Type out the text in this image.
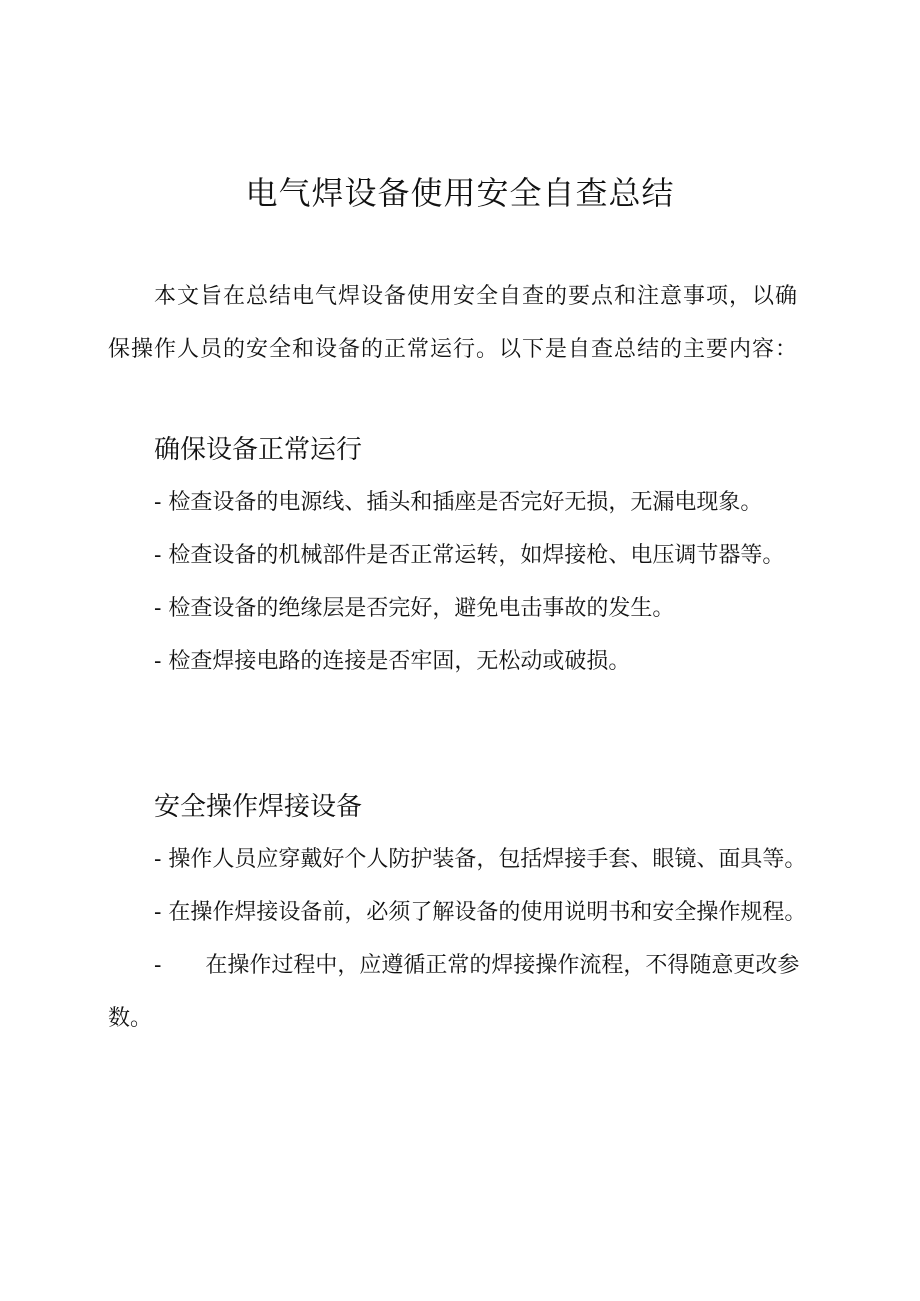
电气焊设备使用安全自查总结

本文旨在总结电气焊设备使用安全自查的要点和注意事项，以确保操作人员的安全和设备的正常运行。以下是自查总结的主要内容：

确保设备正常运行
- 检查设备的电源线、插头和插座是否完好无损，无漏电现象。
- 检查设备的机械部件是否正常运转，如焊接枪、电压调节器等。
- 检查设备的绝缘层是否完好，避免电击事故的发生。
- 检查焊接电路的连接是否牢固，无松动或破损。
安全操作焊接设备
- 操作人员应穿戴好个人防护装备，包括焊接手套、眼镜、面具等。
- 在操作焊接设备前，必须了解设备的使用说明书和安全操作规程。
-　　在操作过程中，应遵循正常的焊接操作流程，不得随意更改参数。
